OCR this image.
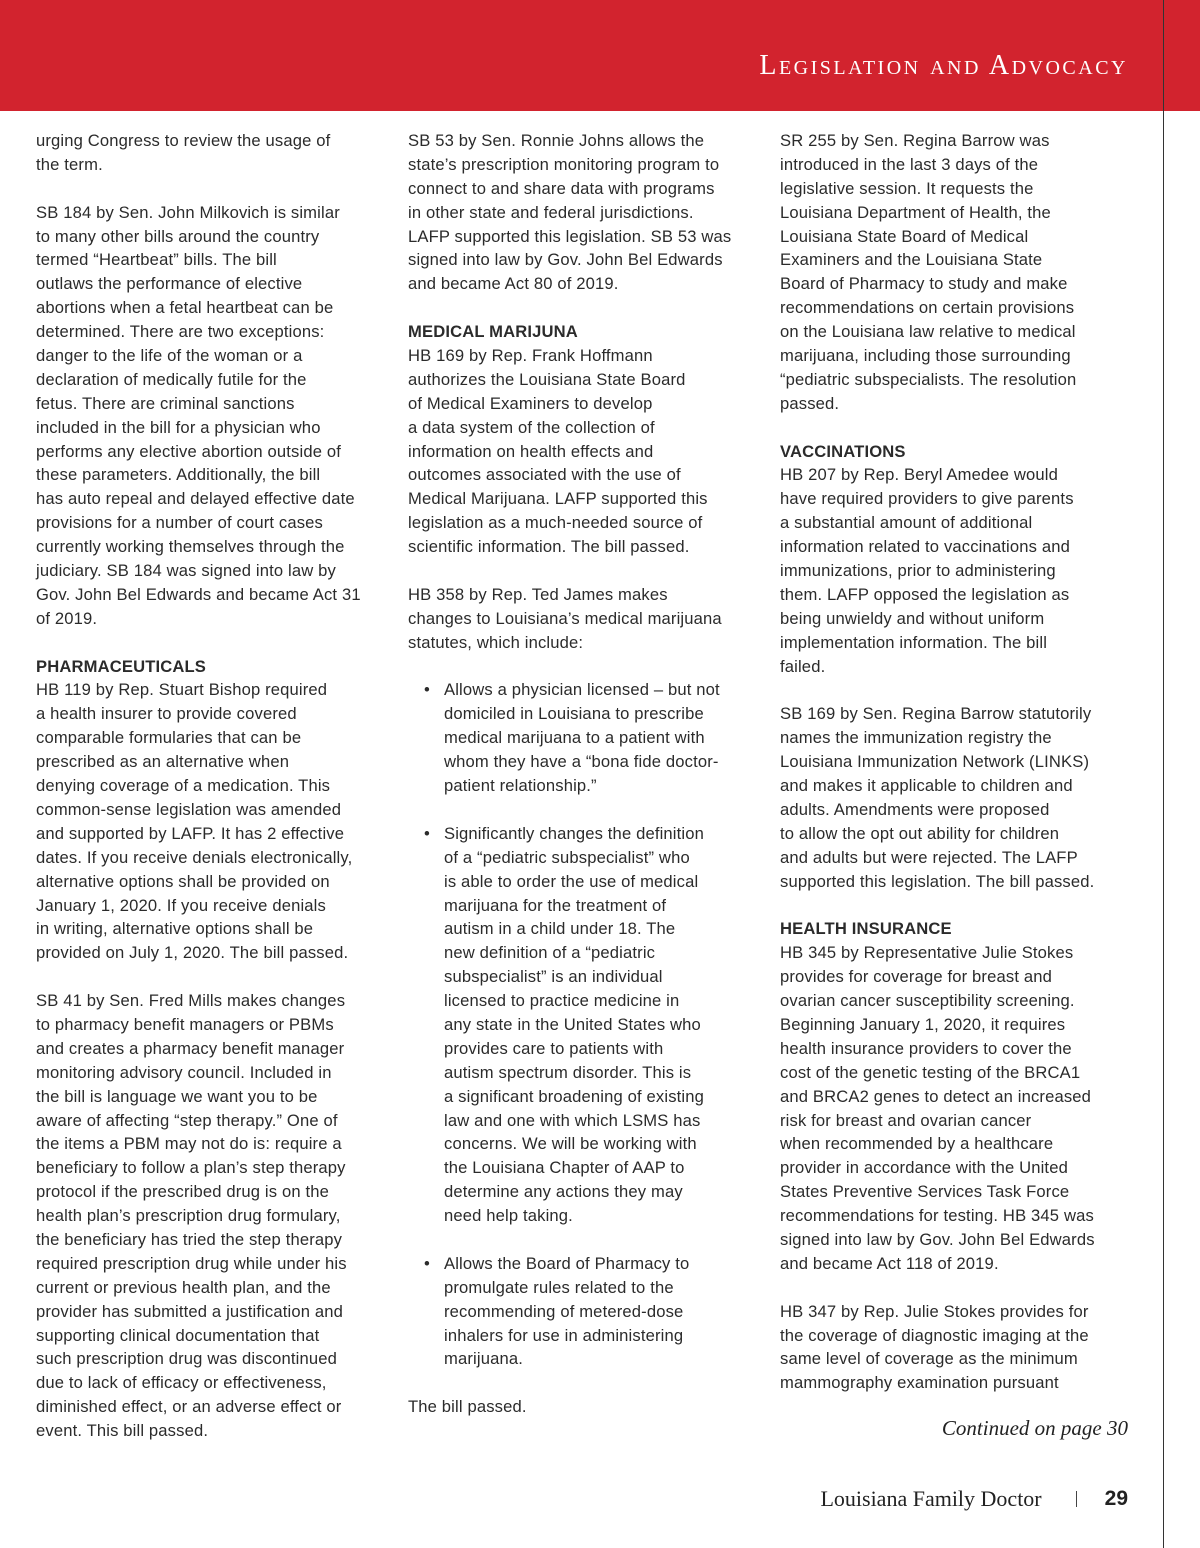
Legislation and Advocacy
urging Congress to review the usage of
the term.
SB 184 by Sen. John Milkovich is similar
to many other bills around the country
termed “Heartbeat” bills. The bill
outlaws the performance of elective
abortions when a fetal heartbeat can be
determined. There are two exceptions:
danger to the life of the woman or a
declaration of medically futile for the
fetus. There are criminal sanctions
included in the bill for a physician who
performs any elective abortion outside of
these parameters. Additionally, the bill
has auto repeal and delayed effective date
provisions for a number of court cases
currently working themselves through the
judiciary. SB 184 was signed into law by
Gov. John Bel Edwards and became Act 31
of 2019.
PHARMACEUTICALS
HB 119 by Rep. Stuart Bishop required
a health insurer to provide covered
comparable formularies that can be
prescribed as an alternative when
denying coverage of a medication. This
common-sense legislation was amended
and supported by LAFP. It has 2 effective
dates. If you receive denials electronically,
alternative options shall be provided on
January 1, 2020. If you receive denials
in writing, alternative options shall be
provided on July 1, 2020. The bill passed.
SB 41 by Sen. Fred Mills makes changes
to pharmacy benefit managers or PBMs
and creates a pharmacy benefit manager
monitoring advisory council. Included in
the bill is language we want you to be
aware of affecting “step therapy.” One of
the items a PBM may not do is: require a
beneficiary to follow a plan’s step therapy
protocol if the prescribed drug is on the
health plan’s prescription drug formulary,
the beneficiary has tried the step therapy
required prescription drug while under his
current or previous health plan, and the
provider has submitted a justification and
supporting clinical documentation that
such prescription drug was discontinued
due to lack of efficacy or effectiveness,
diminished effect, or an adverse effect or
event. This bill passed.
SB 53 by Sen. Ronnie Johns allows the
state’s prescription monitoring program to
connect to and share data with programs
in other state and federal jurisdictions.
LAFP supported this legislation. SB 53 was
signed into law by Gov. John Bel Edwards
and became Act 80 of 2019.
MEDICAL MARIJUNA
HB 169 by Rep. Frank Hoffmann
authorizes the Louisiana State Board
of Medical Examiners to develop
a data system of the collection of
information on health effects and
outcomes associated with the use of
Medical Marijuana. LAFP supported this
legislation as a much-needed source of
scientific information. The bill passed.
HB 358 by Rep. Ted James makes
changes to Louisiana’s medical marijuana
statutes, which include:
• Allows a physician licensed – but not
domiciled in Louisiana to prescribe
medical marijuana to a patient with
whom they have a “bona fide doctor-
patient relationship.”
• Significantly changes the definition
of a “pediatric subspecialist” who
is able to order the use of medical
marijuana for the treatment of
autism in a child under 18. The
new definition of a “pediatric
subspecialist” is an individual
licensed to practice medicine in
any state in the United States who
provides care to patients with
autism spectrum disorder. This is
a significant broadening of existing
law and one with which LSMS has
concerns. We will be working with
the Louisiana Chapter of AAP to
determine any actions they may
need help taking.
• Allows the Board of Pharmacy to
promulgate rules related to the
recommending of metered-dose
inhalers for use in administering
marijuana.
The bill passed.
SR 255 by Sen. Regina Barrow was
introduced in the last 3 days of the
legislative session. It requests the
Louisiana Department of Health, the
Louisiana State Board of Medical
Examiners and the Louisiana State
Board of Pharmacy to study and make
recommendations on certain provisions
on the Louisiana law relative to medical
marijuana, including those surrounding
“pediatric subspecialists. The resolution
passed.
VACCINATIONS
HB 207 by Rep. Beryl Amedee would
have required providers to give parents
a substantial amount of additional
information related to vaccinations and
immunizations, prior to administering
them. LAFP opposed the legislation as
being unwieldy and without uniform
implementation information. The bill
failed.
SB 169 by Sen. Regina Barrow statutorily
names the immunization registry the
Louisiana Immunization Network (LINKS)
and makes it applicable to children and
adults. Amendments were proposed
to allow the opt out ability for children
and adults but were rejected. The LAFP
supported this legislation. The bill passed.
HEALTH INSURANCE
HB 345 by Representative Julie Stokes
provides for coverage for breast and
ovarian cancer susceptibility screening.
Beginning January 1, 2020, it requires
health insurance providers to cover the
cost of the genetic testing of the BRCA1
and BRCA2 genes to detect an increased
risk for breast and ovarian cancer
when recommended by a healthcare
provider in accordance with the United
States Preventive Services Task Force
recommendations for testing. HB 345 was
signed into law by Gov. John Bel Edwards
and became Act 118 of 2019.
HB 347 by Rep. Julie Stokes provides for
the coverage of diagnostic imaging at the
same level of coverage as the minimum
mammography examination pursuant
Continued on page 30
Louisiana Family Doctor	29
